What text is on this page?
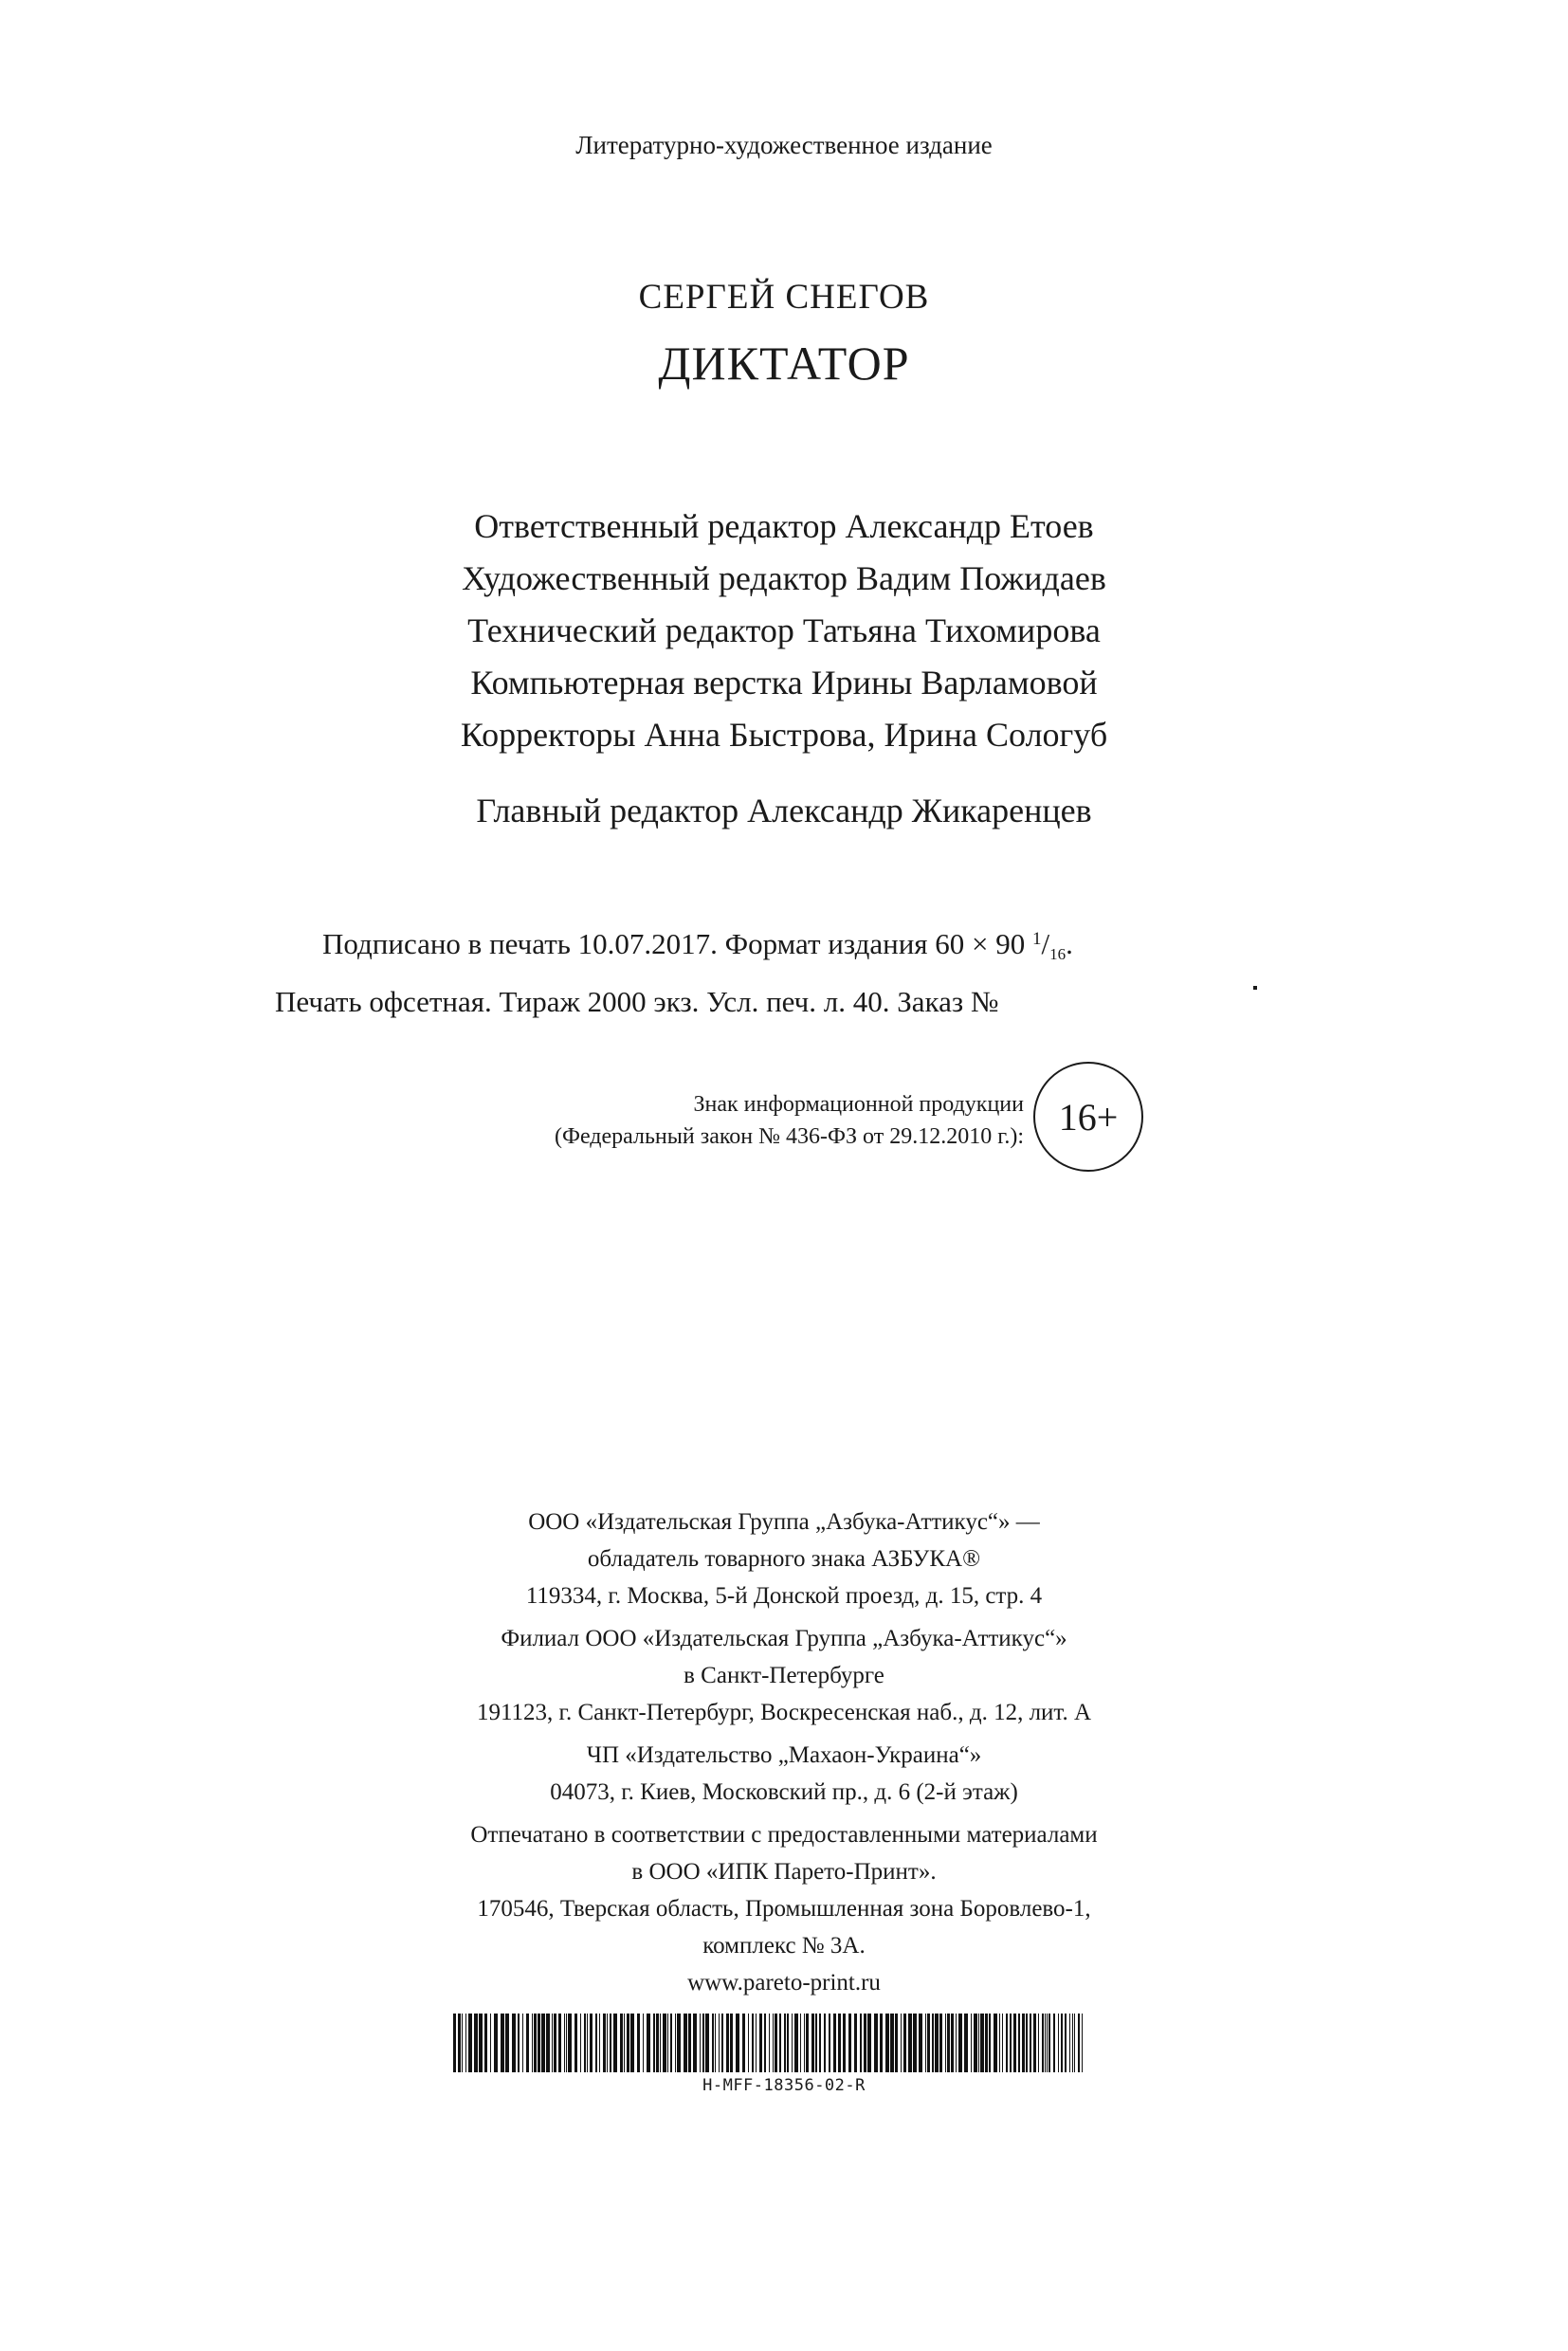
Литературно-художественное издание
СЕРГЕЙ СНЕГОВ
ДИКТАТОР
Ответственный редактор Александр Етоев
Художественный редактор Вадим Пожидаев
Технический редактор Татьяна Тихомирова
Компьютерная верстка Ирины Варламовой
Корректоры Анна Быстрова, Ирина Сологуб
Главный редактор Александр Жикаренцев
Подписано в печать 10.07.2017. Формат издания 60 × 90 $^1$/16.
Печать офсетная. Тираж 2000 экз. Усл. печ. л. 40. Заказ №
Знак информационной продукции
(Федеральный закон № 436-ФЗ от 29.12.2010 г.): 16+
ООО «Издательская Группа „Азбука-Аттикус“» —
обладатель товарного знака АЗБУКА®
119334, г. Москва, 5-й Донской проезд, д. 15, стр. 4
Филиал ООО «Издательская Группа „Азбука-Аттикус“»
в Санкт-Петербурге
191123, г. Санкт-Петербург, Воскресенская наб., д. 12, лит. А
ЧП «Издательство „Махаон-Украина“»
04073, г. Киев, Московский пр., д. 6 (2-й этаж)
Отпечатано в соответствии с предоставленными материалами
в ООО «ИПК Парето-Принт».
170546, Тверская область, Промышленная зона Боровлево-1,
комплекс № 3А.
www.pareto-print.ru
H-MFF-18356-02-R
